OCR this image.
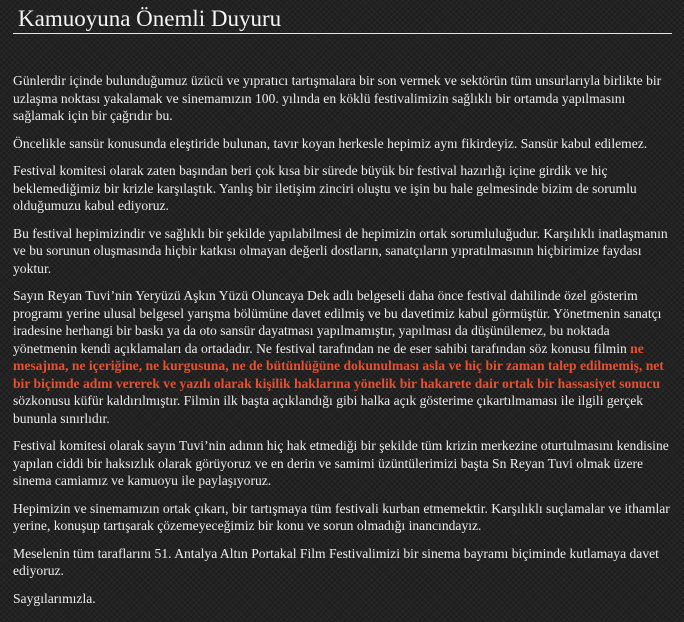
Kamuoyuna Önemli Duyuru

Günlerdir içinde bulunduğumuz üzücü ve yıpratıcı tartışmalara bir son vermek ve sektörün tüm unsurlarıyla birlikte bir uzlaşma noktası yakalamak ve sinemamızın 100. yılında en köklü festivalimizin sağlıklı bir ortamda yapılmasını sağlamak için bir çağrıdır bu.

Öncelikle sansür konusunda eleştiride bulunan, tavır koyan herkesle hepimiz aynı fikirdeyiz. Sansür kabul edilemez.

Festival komitesi olarak zaten başından beri çok kısa bir sürede büyük bir festival hazırlığı içine girdik ve hiç beklemediğimiz bir krizle karşılaştık. Yanlış bir iletişim zinciri oluştu ve işin bu hale gelmesinde bizim de sorumlu olduğumuzu kabul ediyoruz.

Bu festival hepimizindir ve sağlıklı bir şekilde yapılabilmesi de hepimizin ortak sorumluluğudur. Karşılıklı inatlaşmanın ve bu sorunun oluşmasında hiçbir katkısı olmayan değerli dostların, sanatçıların yıpratılmasının hiçbirimize faydası yoktur.

Sayın Reyan Tuvi’nin Yeryüzü Aşkın Yüzü Oluncaya Dek adlı belgeseli daha önce festival dahilinde özel gösterim programı yerine ulusal belgesel yarışma bölümüne davet edilmiş ve bu davetimiz kabul görmüştür. Yönetmenin sanatçı iradesine herhangi bir baskı ya da oto sansür dayatması yapılmamıştır, yapılması da düşünülemez, bu noktada yönetmenin kendi açıklamaları da ortadadır. Ne festival tarafından ne de eser sahibi tarafından söz konusu filmin ne mesajına, ne içeriğine, ne kurgusuna, ne de bütünlüğüne dokunulması asla ve hiç bir zaman talep edilmemiş, net bir biçimde adını vererek ve yazılı olarak kişilik haklarına yönelik bir hakarete dair ortak bir hassasiyet sonucu sözkonusu küfür kaldırılmıştır. Filmin ilk başta açıklandığı gibi halka açık gösterime çıkartılmaması ile ilgili gerçek bununla sınırlıdır.

Festival komitesi olarak sayın Tuvi’nin adının hiç hak etmediği bir şekilde tüm krizin merkezine oturtulmasını kendisine yapılan ciddi bir haksızlık olarak görüyoruz ve en derin ve samimi üzüntülerimizi başta Sn Reyan Tuvi olmak üzere sinema camiamız ve kamuoyu ile paylaşıyoruz.

Hepimizin ve sinemamızın ortak çıkarı, bir tartışmaya tüm festivali kurban etmemektir. Karşılıklı suçlamalar ve ithamlar yerine, konuşup tartışarak çözemeyeceğimiz bir konu ve sorun olmadığı inancındayız.

Meselenin tüm taraflarını 51. Antalya Altın Portakal Film Festivalimizi bir sinema bayramı biçiminde kutlamaya davet ediyoruz.

Saygılarımızla.
